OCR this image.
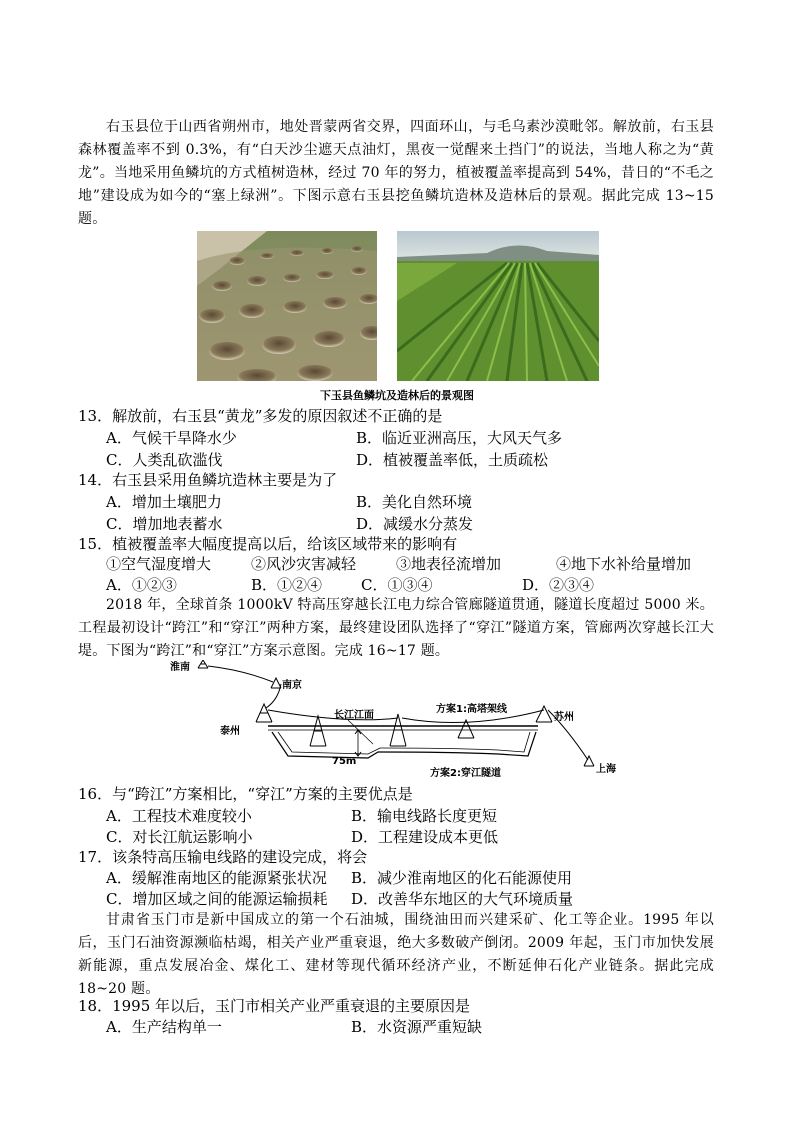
右玉县位于山西省朔州市，地处晋蒙两省交界，四面环山，与毛乌素沙漠毗邻。解放前，右玉县森林覆盖率不到 0.3%，有“白天沙尘遮天点油灯，黑夜一觉醒来土挡门”的说法，当地人称之为“黄龙”。当地采用鱼鳞坑的方式植树造林，经过 70 年的努力，植被覆盖率提高到 54%，昔日的“不毛之地”建设成为如今的“塞上绿洲”。下图示意右玉县挖鱼鳞坑造林及造林后的景观。据此完成 13~15 题。
下玉县鱼鳞坑及造林后的景观图
13．解放前，右玉县“黄龙”多发的原因叙述不正确的是
A．气候干旱降水少	B．临近亚洲高压，大风天气多
C．人类乱砍滥伐	D．植被覆盖率低，土质疏松
14．右玉县采用鱼鳞坑造林主要是为了
A．增加土壤肥力	B．美化自然环境
C．增加地表蓄水	D．减缓水分蒸发
15．植被覆盖率大幅度提高以后，给该区域带来的影响有
①空气湿度增大	②风沙灾害减轻	③地表径流增加	④地下水补给量增加
A．①②③	B．①②④	C．①③④	D．②③④
2018 年，全球首条 1000kV 特高压穿越长江电力综合管廊隧道贯通，隧道长度超过 5000 米。工程最初设计“跨江”和“穿江”两种方案，最终建设团队选择了“穿江”隧道方案，管廊两次穿越长江大堤。下图为“跨江”和“穿江”方案示意图。完成 16~17 题。
淮南
南京
泰州
苏州
上海
长江江面
方案1:高塔架线
方案2:穿江隧道
75m
16．与“跨江”方案相比，“穿江”方案的主要优点是
A．工程技术难度较小	B．输电线路长度更短
C．对长江航运影响小	D．工程建设成本更低
17．该条特高压输电线路的建设完成，将会
A．缓解淮南地区的能源紧张状况 B．减少淮南地区的化石能源使用
C．增加区域之间的能源运输损耗 D．改善华东地区的大气环境质量
甘肃省玉门市是新中国成立的第一个石油城，围绕油田而兴建采矿、化工等企业。1995 年以后，玉门石油资源濒临枯竭，相关产业严重衰退，绝大多数破产倒闭。2009 年起，玉门市加快发展新能源，重点发展冶金、煤化工、建材等现代循环经济产业，不断延伸石化产业链条。据此完成 18~20 题。
18．1995 年以后，玉门市相关产业严重衰退的主要原因是
A．生产结构单一	B．水资源严重短缺
